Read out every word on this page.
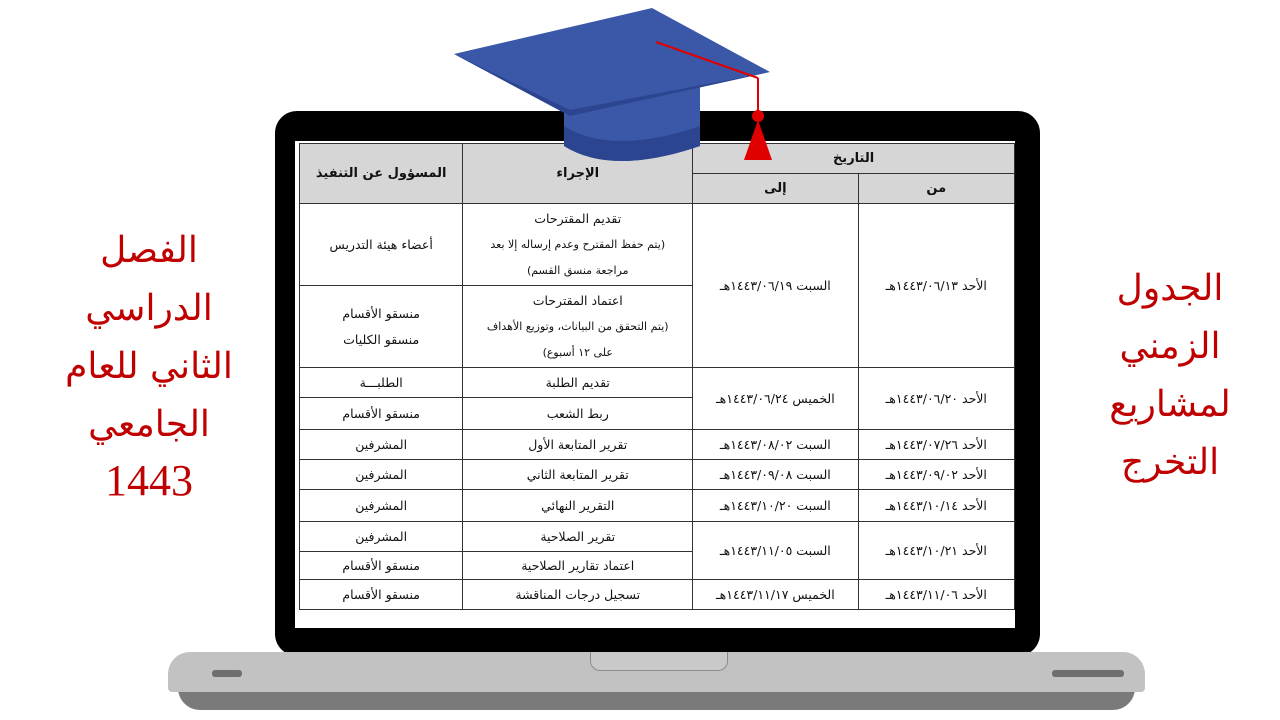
الفصل
الدراسي
الثاني للعام
الجامعي
1443
الجدول
الزمني
لمشاريع
التخرج
التاريخ		الإجراء	المسؤول عن التنفيذ
من	إلى		
الأحد ١٤٤٣/٠٦/١٣هـ	السبت ١٤٤٣/٠٦/١٩هـ	تقديم المقترحات
(يتم حفظ المقترح وعدم إرساله إلا بعد
مراجعة منسق القسم)	أعضاء هيئة التدريس

		اعتماد المقترحات
(يتم التحقق من البيانات، وتوزيع الأهداف
على ١٢ أسبوع)	منسقو الأقسام
منسقو الكليات

الأحد ١٤٤٣/٠٦/٢٠هـ	الخميس ١٤٤٣/٠٦/٢٤هـ	تقديم الطلبة	الطلبـــة
		ربط الشعب	منسقو الأقسام
الأحد ١٤٤٣/٠٧/٢٦هـ	السبت ١٤٤٣/٠٨/٠٢هـ	تقرير المتابعة الأول	المشرفين
الأحد ١٤٤٣/٠٩/٠٢هـ	السبت ١٤٤٣/٠٩/٠٨هـ	تقرير المتابعة الثاني	المشرفين
الأحد ١٤٤٣/١٠/١٤هـ	السبت ١٤٤٣/١٠/٢٠هـ	التقرير النهائي	المشرفين
الأحد ١٤٤٣/١٠/٢١هـ	السبت ١٤٤٣/١١/٠٥هـ	تقرير الصلاحية	المشرفين
		اعتماد تقارير الصلاحية	منسقو الأقسام
الأحد ١٤٤٣/١١/٠٦هـ	الخميس ١٤٤٣/١١/١٧هـ	تسجيل درجات المناقشة	منسقو الأقسام
